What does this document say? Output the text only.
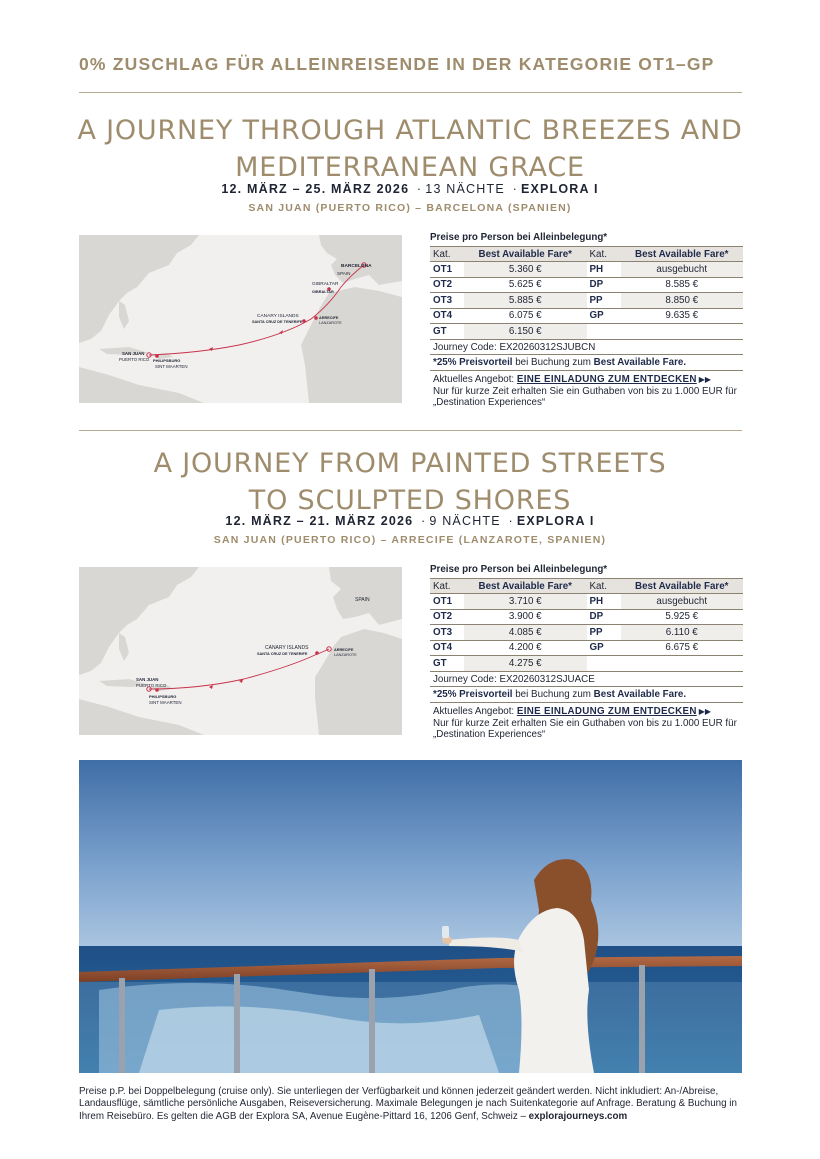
0% ZUSCHLAG FÜR ALLEINREISENDE IN DER KATEGORIE OT1–GP
A JOURNEY THROUGH ATLANTIC BREEZES AND
MEDITERRANEAN GRACE
12. MÄRZ – 25. MÄRZ 2026 · 13 NÄCHTE · EXPLORA I
SAN JUAN (PUERTO RICO) – BARCELONA (SPANIEN)
BARCELONA
SPAIN
GIBRALTAR
GIBRALTAR
CANARY ISLANDS
SANTA CRUZ DE TENERIFE
ARRECIFE
LANZAROTE
SAN JUAN
PUERTO RICO PHILIPSBURG
SINT MAARTEN
Preise pro Person bei Alleinbelegung*
Kat.	Best Available Fare*	Kat.	Best Available Fare*
OT1	5.360 €	PH	ausgebucht
OT2	5.625 €	DP	8.585 €
OT3	5.885 €	PP	8.850 €
OT4	6.075 €	GP	9.635 €
GT	6.150 €		
Journey Code: EX20260312SJUBCN
*25% Preisvorteil bei Buchung zum Best Available Fare.
Aktuelles Angebot: EINE EINLADUNG ZUM ENTDECKEN ▶▶
Nur für kurze Zeit erhalten Sie ein Guthaben von bis zu 1.000 EUR für
„Destination Experiences“
A JOURNEY FROM PAINTED STREETS
TO SCULPTED SHORES
12. MÄRZ – 21. MÄRZ 2026 · 9 NÄCHTE · EXPLORA I
SAN JUAN (PUERTO RICO) – ARRECIFE (LANZAROTE, SPANIEN)
SPAIN
CANARY ISLANDS
SANTA CRUZ DE TENERIFE
ARRECIFE
LANZAROTE
SAN JUAN
PUERTO RICO
PHILIPSBURG
SINT MAARTEN
Preise pro Person bei Alleinbelegung*
Kat.	Best Available Fare*	Kat.	Best Available Fare*
OT1	3.710 €	PH	ausgebucht
OT2	3.900 €	DP	5.925 €
OT3	4.085 €	PP	6.110 €
OT4	4.200 €	GP	6.675 €
GT	4.275 €		
Journey Code: EX20260312SJUACE
*25% Preisvorteil bei Buchung zum Best Available Fare.
Aktuelles Angebot: EINE EINLADUNG ZUM ENTDECKEN ▶▶
Nur für kurze Zeit erhalten Sie ein Guthaben von bis zu 1.000 EUR für
„Destination Experiences“
Preise p.P. bei Doppelbelegung (cruise only). Sie unterliegen der Verfügbarkeit und können jederzeit geändert werden. Nicht inkludiert: An-/Abreise, Landausflüge, sämtliche persönliche Ausgaben, Reiseversicherung. Maximale Belegungen je nach Suitenkategorie auf Anfrage. Beratung & Buchung in Ihrem Reisebüro. Es gelten die AGB der Explora SA, Avenue Eugène-Pittard 16, 1206 Genf, Schweiz – explorajourneys.com
